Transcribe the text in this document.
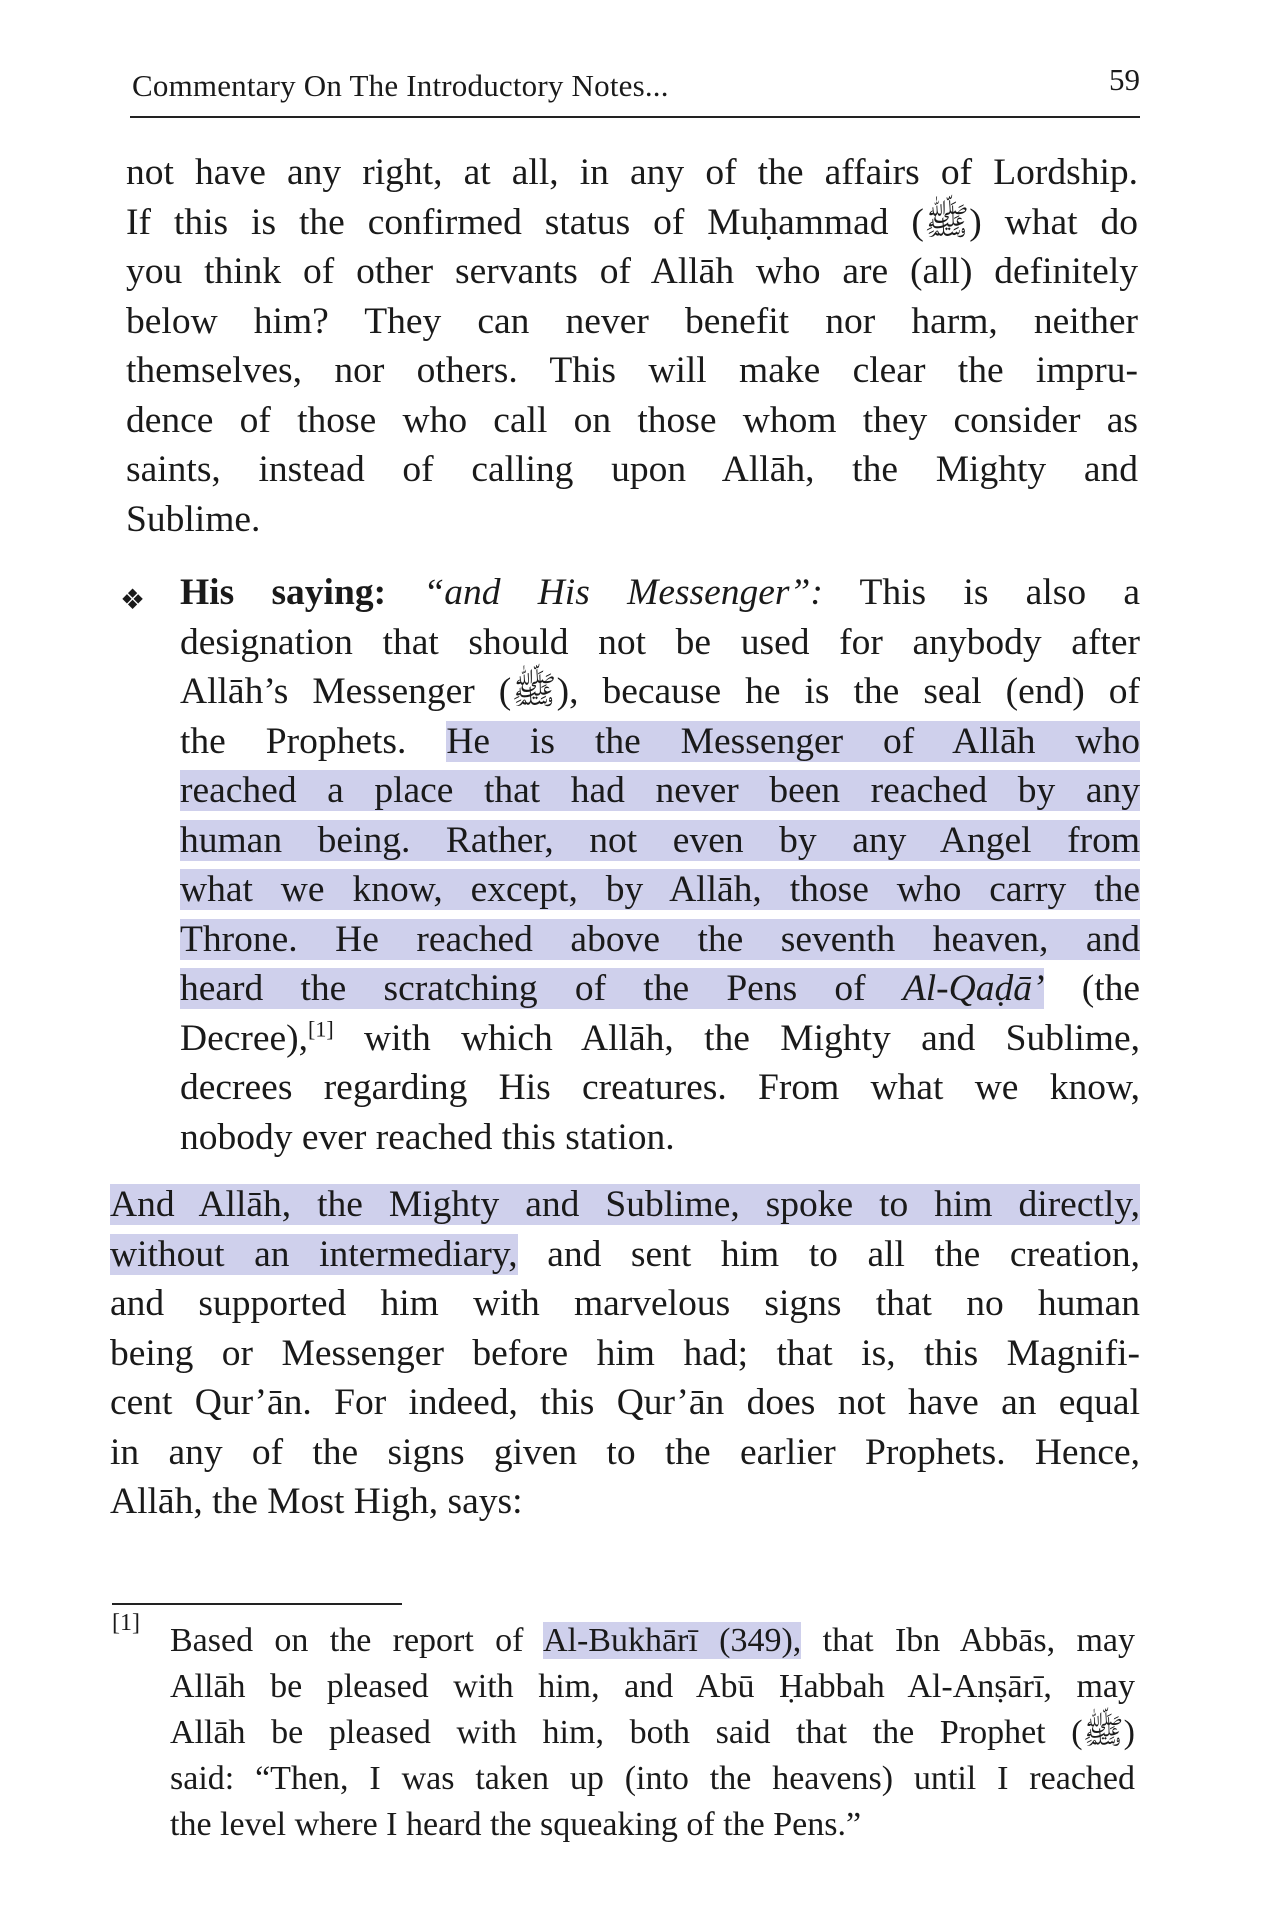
Commentary On The Introductory Notes...	59
not have any right, at all, in any of the affairs of Lordship.
If this is the confirmed status of Muḥammad (ﷺ) what do
you think of other servants of Allāh who are (all) definitely
below him? They can never benefit nor harm, neither
themselves, nor others. This will make clear the impru-
dence of those who call on those whom they consider as
saints, instead of calling upon Allāh, the Mighty and
Sublime.
❖ His saying: “and His Messenger”: This is also a
designation that should not be used for anybody after
Allāh’s Messenger (ﷺ), because he is the seal (end) of
the Prophets. He is the Messenger of Allāh who
reached a place that had never been reached by any
human being. Rather, not even by any Angel from
what we know, except, by Allāh, those who carry the
Throne. He reached above the seventh heaven, and
heard the scratching of the Pens of Al-Qaḍā’ (the
Decree),[1] with which Allāh, the Mighty and Sublime,
decrees regarding His creatures. From what we know,
nobody ever reached this station.
And Allāh, the Mighty and Sublime, spoke to him directly,
without an intermediary, and sent him to all the creation,
and supported him with marvelous signs that no human
being or Messenger before him had; that is, this Magnifi-
cent Qur’ān. For indeed, this Qur’ān does not have an equal
in any of the signs given to the earlier Prophets. Hence,
Allāh, the Most High, says:
[1] Based on the report of Al-Bukhārī (349), that Ibn Abbās, may
Allāh be pleased with him, and Abū Ḥabbah Al-Anṣārī, may
Allāh be pleased with him, both said that the Prophet (ﷺ)
said: “Then, I was taken up (into the heavens) until I reached
the level where I heard the squeaking of the Pens.”
